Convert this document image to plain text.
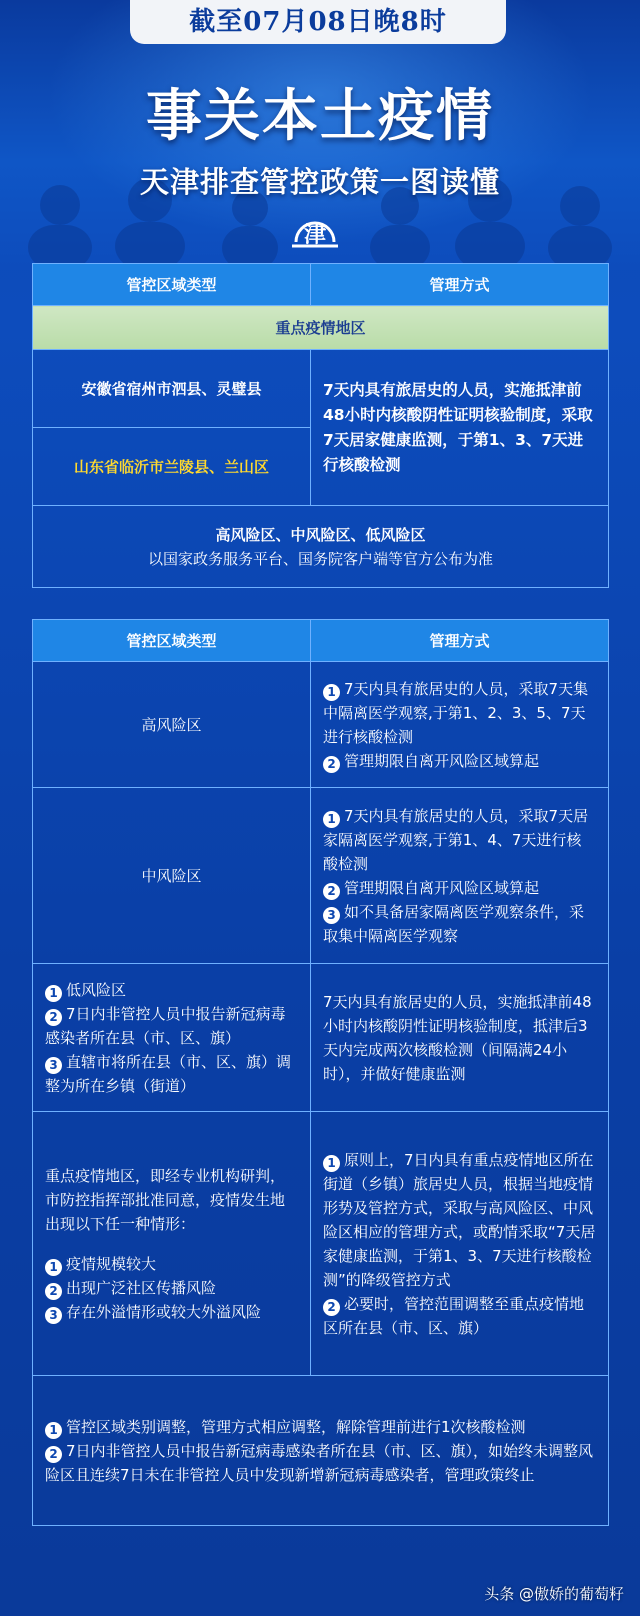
截至07月08日晚8时
事关本土疫情
天津排查管控政策一图读懂
津
管控区域类型	管理方式
重点疫情地区	
安徽省宿州市泗县、灵璧县	7天内具有旅居史的人员，实施抵津前48小时内核酸阴性证明核验制度，采取7天居家健康监测，于第1、3、7天进行核酸检测
山东省临沂市兰陵县、兰山区	

高风险区、中风险区、低风险区
以国家政务服务平台、国务院客户端等官方公布为准	
管控区域类型	管理方式
高风险区	1 7天内具有旅居史的人员，采取7天集中隔离医学观察,于第1、2、3、5、7天进行核酸检测
2 管理期限自离开风险区域算起

中风险区	1 7天内具有旅居史的人员，采取7天居家隔离医学观察,于第1、4、7天进行核酸检测
2 管理期限自离开风险区域算起
3 如不具备居家隔离医学观察条件，采取集中隔离医学观察

1 低风险区
2 7日内非管控人员中报告新冠病毒感染者所在县（市、区、旗）
3 直辖市将所在县（市、区、旗）调整为所在乡镇（街道）	7天内具有旅居史的人员，实施抵津前48小时内核酸阴性证明核验制度，抵津后3天内完成两次核酸检测（间隔满24小时），并做好健康监测

重点疫情地区，即经专业机构研判，市防控指挥部批准同意，疫情发生地出现以下任一种情形：
1 疫情规模较大
2 出现广泛社区传播风险
3 存在外溢情形或较大外溢风险	1 原则上，7日内具有重点疫情地区所在街道（乡镇）旅居史人员，根据当地疫情形势及管控方式，采取与高风险区、中风险区相应的管理方式，或酌情采取“7天居家健康监测，于第1、3、7天进行核酸检测”的降级管控方式
2 必要时，管控范围调整至重点疫情地区所在县（市、区、旗）

1 管控区域类别调整，管理方式相应调整，解除管理前进行1次核酸检测
2 7日内非管控人员中报告新冠病毒感染者所在县（市、区、旗），如始终未调整风险区且连续7日未在非管控人员中发现新增新冠病毒感染者，管理政策终止	
头条 @傲娇的葡萄籽
